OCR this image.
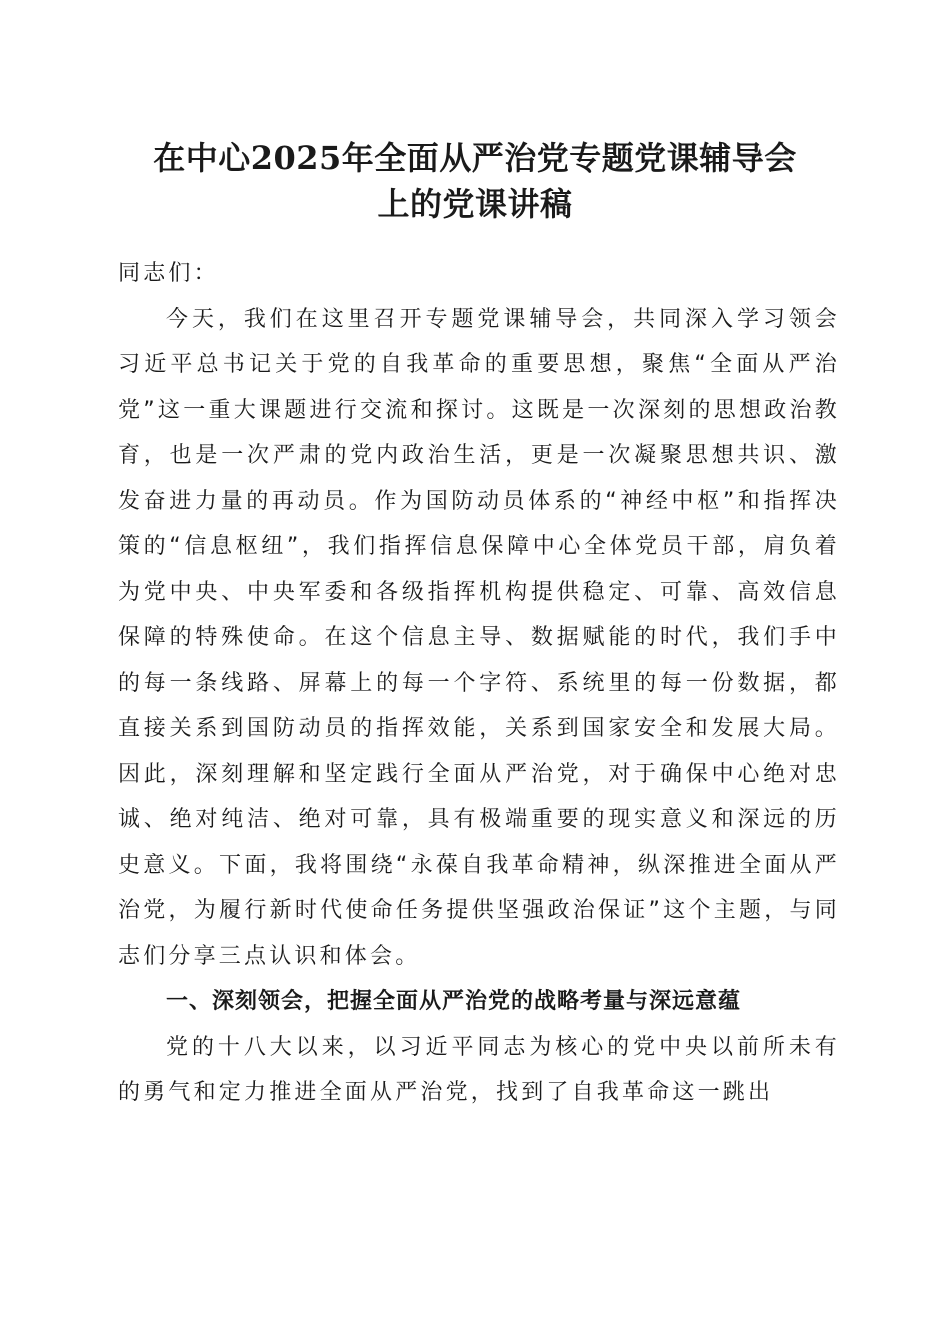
在中心2025年全面从严治党专题党课辅导会
上的党课讲稿

同志们：

今天，我们在这里召开专题党课辅导会，共同深入学习领会习近平总书记关于党的自我革命的重要思想，聚焦“全面从严治党”这一重大课题进行交流和探讨。这既是一次深刻的思想政治教育，也是一次严肃的党内政治生活，更是一次凝聚思想共识、激发奋进力量的再动员。作为国防动员体系的“神经中枢”和指挥决策的“信息枢纽”，我们指挥信息保障中心全体党员干部，肩负着为党中央、中央军委和各级指挥机构提供稳定、可靠、高效信息保障的特殊使命。在这个信息主导、数据赋能的时代，我们手中的每一条线路、屏幕上的每一个字符、系统里的每一份数据，都直接关系到国防动员的指挥效能，关系到国家安全和发展大局。因此，深刻理解和坚定践行全面从严治党，对于确保中心绝对忠诚、绝对纯洁、绝对可靠，具有极端重要的现实意义和深远的历史意义。下面，我将围绕“永葆自我革命精神，纵深推进全面从严治党，为履行新时代使命任务提供坚强政治保证”这个主题，与同志们分享三点认识和体会。

一、深刻领会，把握全面从严治党的战略考量与深远意蕴

党的十八大以来，以习近平同志为核心的党中央以前所未有的勇气和定力推进全面从严治党，找到了自我革命这一跳出
